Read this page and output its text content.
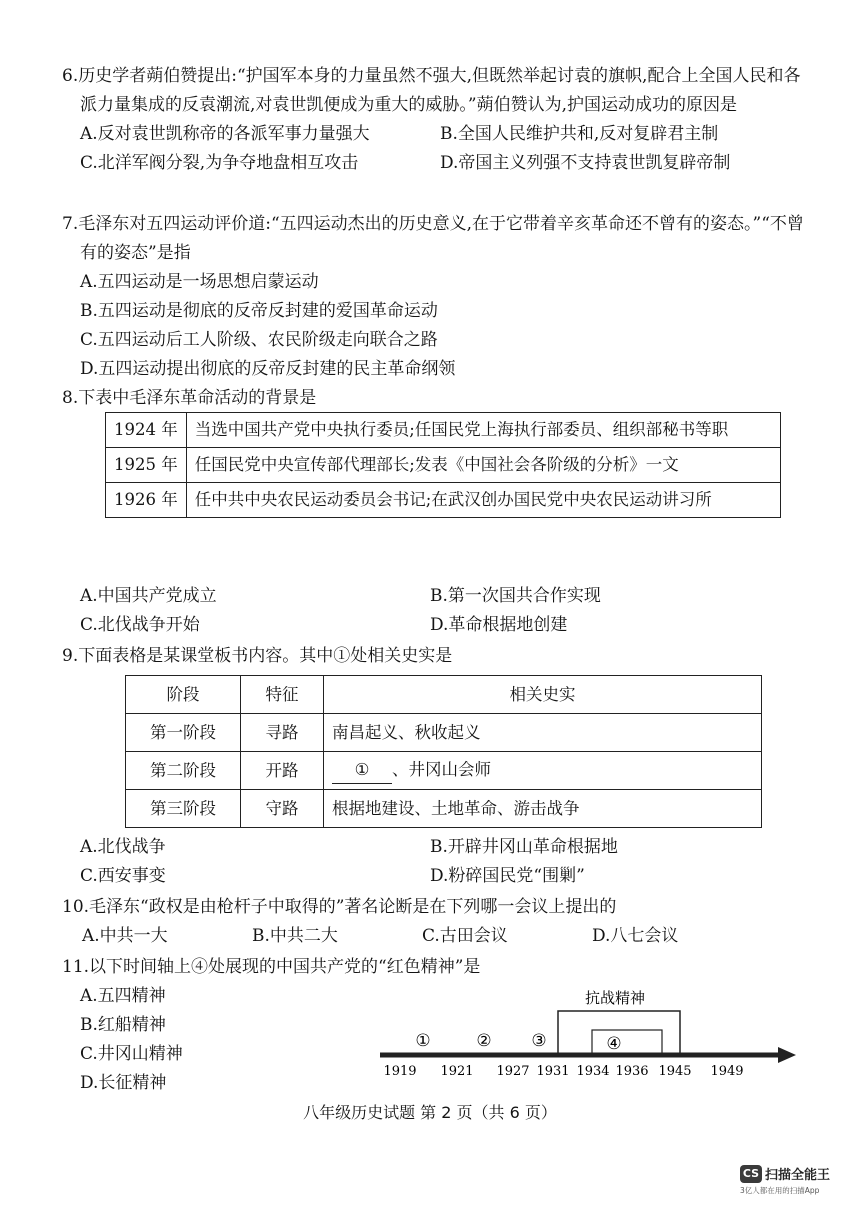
6.历史学者蒴伯赞提出:“护国军本身的力量虽然不强大,但既然举起讨袁的旗帜,配合上全国人民和各派力量集成的反袁潮流,对袁世凯便成为重大的威胁。”蒴伯赞认为,护国运动成功的原因是

A.反对袁世凯称帝的各派军事力量强大	B.全国人民维护共和,反对复辟君主制
C.北洋军阀分裂,为争夺地盘相互攻击	D.帝国主义列强不支持袁世凯复辟帝制

7.毛泽东对五四运动评价道:“五四运动杰出的历史意义,在于它带着辛亥革命还不曾有的姿态。”“不曾有的姿态”是指

A.五四运动是一场思想启蒙运动

B.五四运动是彻底的反帝反封建的爱国革命运动

C.五四运动后工人阶级、农民阶级走向联合之路

D.五四运动提出彻底的反帝反封建的民主革命纲领

8.下表中毛泽东革命活动的背景是

1924 年	当选中国共产党中央执行委员;任国民党上海执行部委员、组织部秘书等职
1925 年	任国民党中央宣传部代理部长;发表《中国社会各阶级的分析》一文
1926 年	任中共中央农民运动委员会书记;在武汉创办国民党中央农民运动讲习所
A.中国共产党成立	B.第一次国共合作实现
C.北伐战争开始	D.革命根据地创建

9.下面表格是某课堂板书内容。其中①处相关史实是

阶段	特征	相关史实
第一阶段	寻路	南昌起义、秋收起义
第二阶段	开路	① 、井冈山会师
第三阶段	守路	根据地建设、土地革命、游击战争
A.北伐战争	B.开辟井冈山革命根据地
C.西安事变	D.粉碎国民党“围剿”

10.毛泽东“政权是由枪杆子中取得的”著名论断是在下列哪一会议上提出的

A.中共一大	B.中共二大	C.古田会议	D.八七会议

11.以下时间轴上④处展现的中国共产党的“红色精神”是

A.五四精神

B.红船精神

C.井冈山精神

D.长征精神

抗战精神
①	② ③	④
1919 1921 1927 1931 1934 1936 1945 1949
八年级历史试题 第 2 页（共 6 页）
CS 扫描全能王
3亿人都在用的扫描App
